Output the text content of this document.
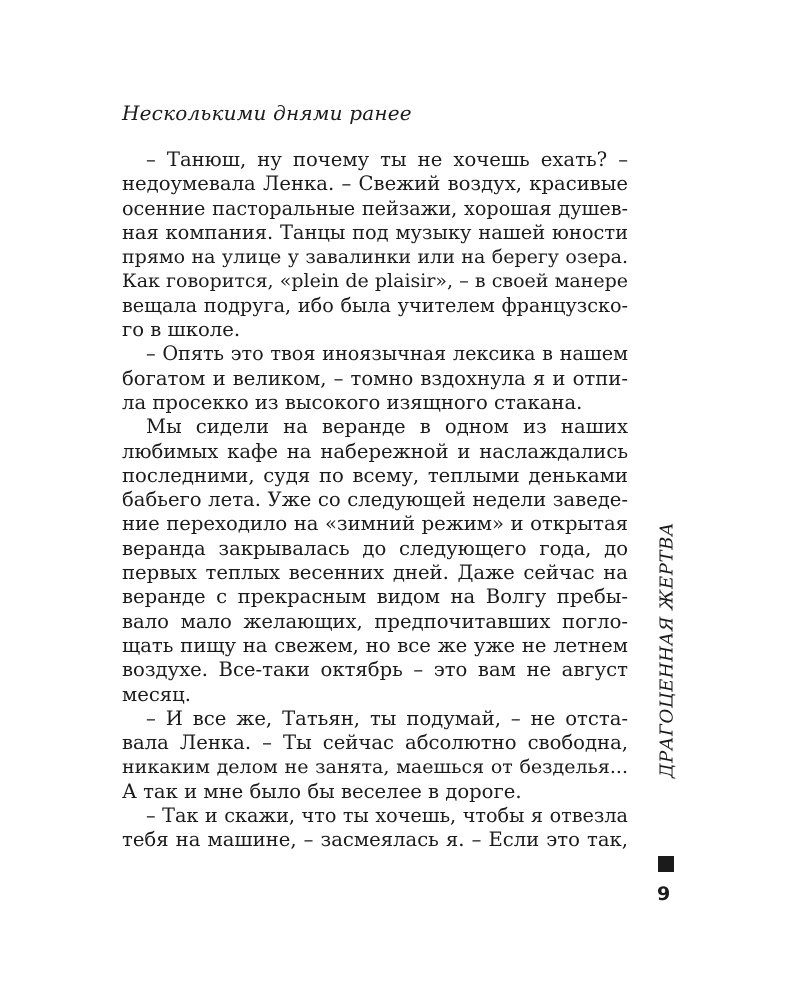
Несколькими днями ранее
– Танюш, ну почему ты не хочешь ехать? –
недоумевала Ленка. – Свежий воздух, красивые
осенние пасторальные пейзажи, хорошая душев-
ная компания. Танцы под музыку нашей юности
прямо на улице у завалинки или на берегу озера.
Как говорится, «plein de plaisir», – в своей манере
вещала подруга, ибо была учителем французско-
го в школе.
– Опять это твоя иноязычная лексика в нашем
богатом и великом, – томно вздохнула я и отпи-
ла просекко из высокого изящного стакана.
Мы сидели на веранде в одном из наших
любимых кафе на набережной и наслаждались
последними, судя по всему, теплыми деньками
бабьего лета. Уже со следующей недели заведе-
ние переходило на «зимний режим» и открытая
веранда закрывалась до следующего года, до
первых теплых весенних дней. Даже сейчас на
веранде с прекрасным видом на Волгу пребы-
вало мало желающих, предпочитавших погло-
щать пищу на свежем, но все же уже не летнем
воздухе. Все-таки октябрь – это вам не август
месяц.
– И все же, Татьян, ты подумай, – не отста-
вала Ленка. – Ты сейчас абсолютно свободна,
никаким делом не занята, маешься от безделья...
А так и мне было бы веселее в дороге.
– Так и скажи, что ты хочешь, чтобы я отвезла
тебя на машине, – засмеялась я. – Если это так,
ДРАГОЦЕННАЯ ЖЕРТВА
9
